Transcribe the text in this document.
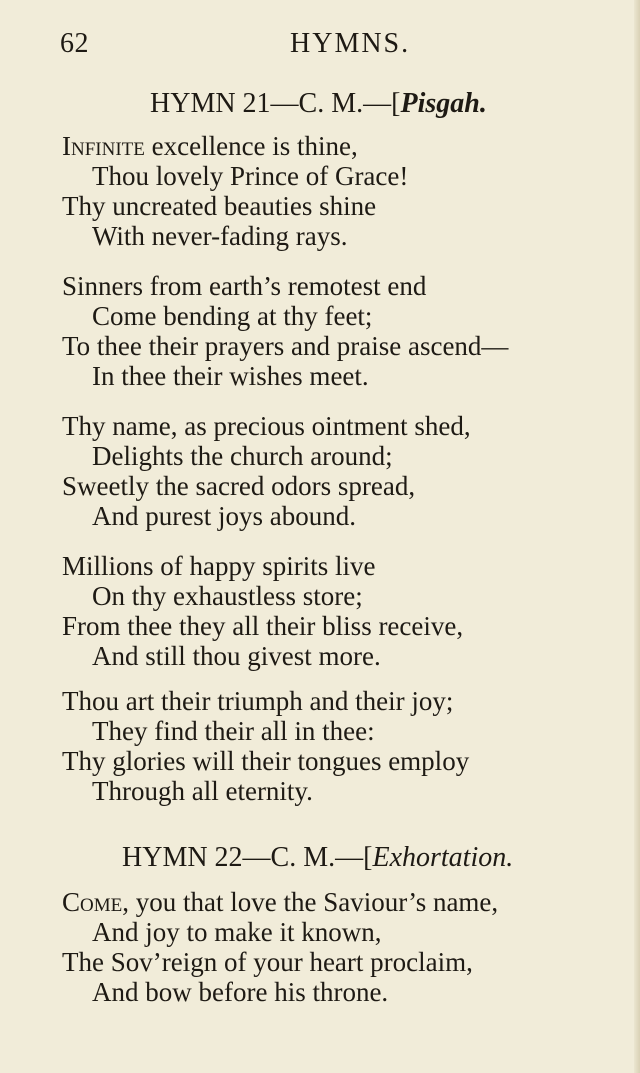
62	HYMNS.
HYMN 21—C. M.—[Pisgah.
Infinite excellence is thine,
Thou lovely Prince of Grace!
Thy uncreated beauties shine
With never-fading rays.
Sinners from earth’s remotest end
Come bending at thy feet;
To thee their prayers and praise ascend—
In thee their wishes meet.
Thy name, as precious ointment shed,
Delights the church around;
Sweetly the sacred odors spread,
And purest joys abound.
Millions of happy spirits live
On thy exhaustless store;
From thee they all their bliss receive,
And still thou givest more.
Thou art their triumph and their joy;
They find their all in thee:
Thy glories will their tongues employ
Through all eternity.
HYMN 22—C. M.—[Exhortation.
Come, you that love the Saviour’s name,
And joy to make it known,
The Sov’reign of your heart proclaim,
And bow before his throne.
